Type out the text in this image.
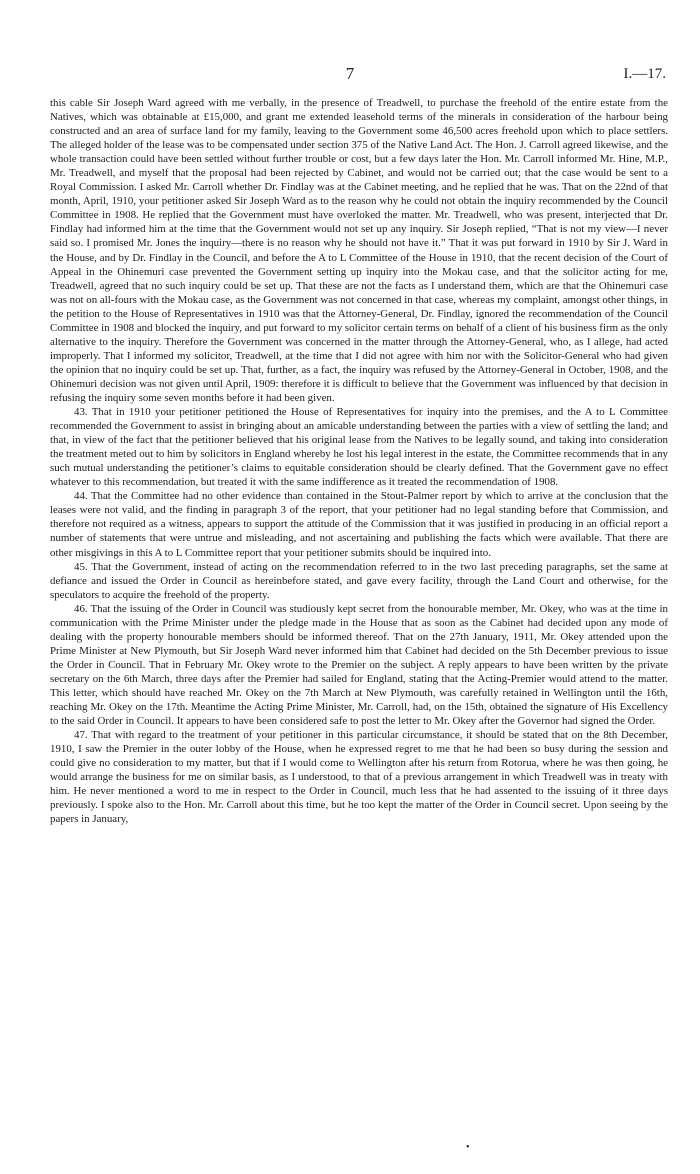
7	I.—17.

this cable Sir Joseph Ward agreed with me verbally, in the presence of Treadwell, to purchase the freehold of the entire estate from the Natives, which was obtainable at £15,000, and grant me extended leasehold terms of the minerals in consideration of the harbour being constructed and an area of surface land for my family, leaving to the Government some 46,500 acres freehold upon which to place settlers. The alleged holder of the lease was to be compensated under section 375 of the Native Land Act. The Hon. J. Carroll agreed likewise, and the whole transaction could have been settled without further trouble or cost, but a few days later the Hon. Mr. Carroll informed Mr. Hine, M.P., Mr. Treadwell, and myself that the proposal had been rejected by Cabinet, and would not be carried out; that the case would be sent to a Royal Commission. I asked Mr. Carroll whether Dr. Findlay was at the Cabinet meeting, and he replied that he was. That on the 22nd of that month, April, 1910, your petitioner asked Sir Joseph Ward as to the reason why he could not obtain the inquiry recommended by the Council Committee in 1908. He replied that the Government must have overloked the matter. Mr. Treadwell, who was present, interjected that Dr. Findlay had informed him at the time that the Government would not set up any inquiry. Sir Joseph replied, “That is not my view—I never said so. I promised Mr. Jones the inquiry—there is no reason why he should not have it.” That it was put forward in 1910 by Sir J. Ward in the House, and by Dr. Findlay in the Council, and before the A to L Committee of the House in 1910, that the recent decision of the Court of Appeal in the Ohinemuri case prevented the Government setting up inquiry into the Mokau case, and that the solicitor acting for me, Treadwell, agreed that no such inquiry could be set up. That these are not the facts as I understand them, which are that the Ohinemuri case was not on all-fours with the Mokau case, as the Government was not concerned in that case, whereas my complaint, amongst other things, in the petition to the House of Representatives in 1910 was that the Attorney-General, Dr. Findlay, ignored the recommendation of the Council Committee in 1908 and blocked the inquiry, and put forward to my solicitor certain terms on behalf of a client of his business firm as the only alternative to the inquiry. Therefore the Government was concerned in the matter through the Attorney-General, who, as I allege, had acted improperly. That I informed my solicitor, Treadwell, at the time that I did not agree with him nor with the Solicitor-General who had given the opinion that no inquiry could be set up. That, further, as a fact, the inquiry was refused by the Attorney-General in October, 1908, and the Ohinemuri decision was not given until April, 1909: therefore it is difficult to believe that the Government was influenced by that decision in refusing the inquiry some seven months before it had been given.

43. That in 1910 your petitioner petitioned the House of Representatives for inquiry into the premises, and the A to L Committee recommended the Government to assist in bringing about an amicable understanding between the parties with a view of settling the land; and that, in view of the fact that the petitioner believed that his original lease from the Natives to be legally sound, and taking into consideration the treatment meted out to him by solicitors in England whereby he lost his legal interest in the estate, the Committee recommends that in any such mutual understanding the petitioner’s claims to equitable consideration should be clearly defined. That the Government gave no effect whatever to this recommendation, but treated it with the same indifference as it treated the recommendation of 1908.

44. That the Committee had no other evidence than contained in the Stout-Palmer report by which to arrive at the conclusion that the leases were not valid, and the finding in paragraph 3 of the report, that your petitioner had no legal standing before that Commission, and therefore not required as a witness, appears to support the attitude of the Commission that it was justified in producing in an official report a number of statements that were untrue and misleading, and not ascertaining and publishing the facts which were available. That there are other misgivings in this A to L Committee report that your petitioner submits should be inquired into.

45. That the Government, instead of acting on the recommendation referred to in the two last preceding paragraphs, set the same at defiance and issued the Order in Council as hereinbefore stated, and gave every facility, through the Land Court and otherwise, for the speculators to acquire the freehold of the property.

46. That the issuing of the Order in Council was studiously kept secret from the honourable member, Mr. Okey, who was at the time in communication with the Prime Minister under the pledge made in the House that as soon as the Cabinet had decided upon any mode of dealing with the property honourable members should be informed thereof. That on the 27th January, 1911, Mr. Okey attended upon the Prime Minister at New Plymouth, but Sir Joseph Ward never informed him that Cabinet had decided on the 5th December previous to issue the Order in Council. That in February Mr. Okey wrote to the Premier on the subject. A reply appears to have been written by the private secretary on the 6th March, three days after the Premier had sailed for England, stating that the Acting-Premier would attend to the matter. This letter, which should have reached Mr. Okey on the 7th March at New Plymouth, was carefully retained in Wellington until the 16th, reaching Mr. Okey on the 17th. Meantime the Acting Prime Minister, Mr. Carroll, had, on the 15th, obtained the signature of His Excellency to the said Order in Council. It appears to have been considered safe to post the letter to Mr. Okey after the Governor had signed the Order.

47. That with regard to the treatment of your petitioner in this particular circumstance, it should be stated that on the 8th December, 1910, I saw the Premier in the outer lobby of the House, when he expressed regret to me that he had been so busy during the session and could give no consideration to my matter, but that if I would come to Wellington after his return from Rotorua, where he was then going, he would arrange the business for me on similar basis, as I understood, to that of a previous arrangement in which Treadwell was in treaty with him. He never mentioned a word to me in respect to the Order in Council, much less that he had assented to the issuing of it three days previously. I spoke also to the Hon. Mr. Carroll about this time, but he too kept the matter of the Order in Council secret. Upon seeing by the papers in January,

•
